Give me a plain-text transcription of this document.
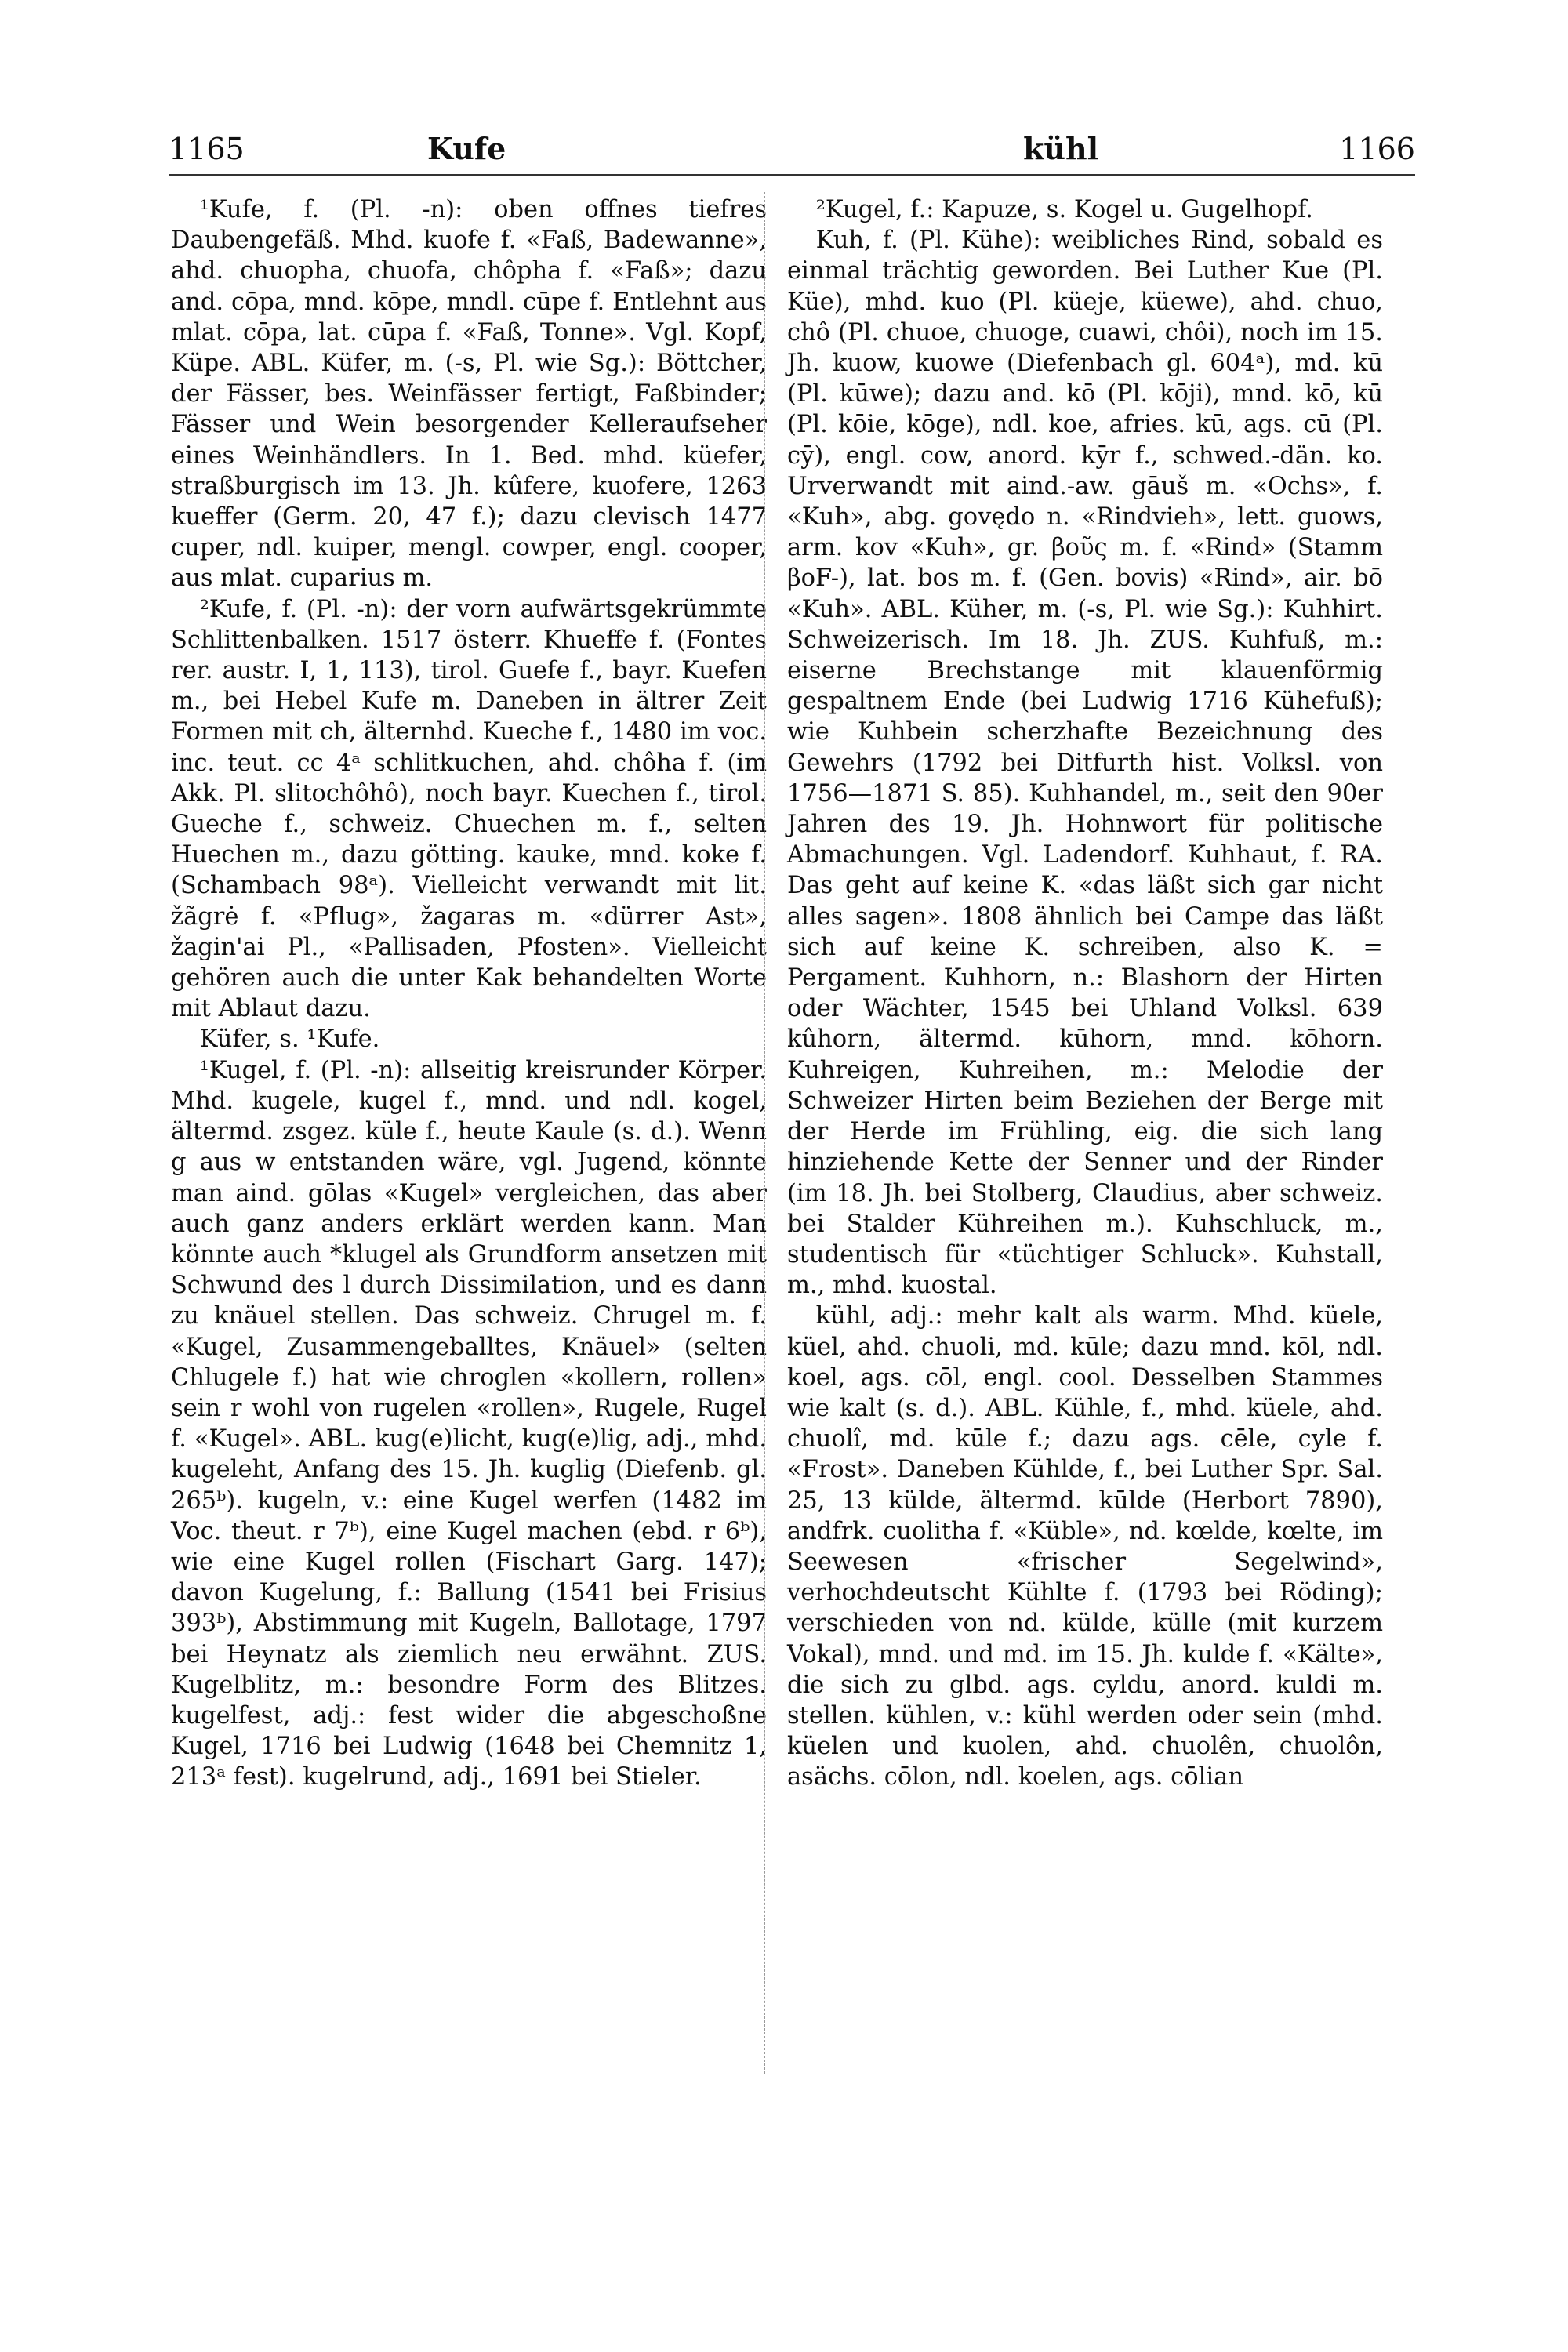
1165	Kufe	kühl	1166

¹Kufe, f. (Pl. -n): oben offnes tiefres Daubengefäß. Mhd. kuofe f. «Faß, Badewanne», ahd. chuopha, chuofa, chôpha f. «Faß»; dazu and. cōpa, mnd. kōpe, mndl. cūpe f. Entlehnt aus mlat. cōpa, lat. cūpa f. «Faß, Tonne». Vgl. Kopf, Küpe. ABL. Küfer, m. (-s, Pl. wie Sg.): Böttcher, der Fässer, bes. Weinfässer fertigt, Faßbinder; Fässer und Wein besorgender Kelleraufseher eines Weinhändlers. In 1. Bed. mhd. küefer, straßburgisch im 13. Jh. kûfere, kuofere, 1263 kueffer (Germ. 20, 47 f.); dazu clevisch 1477 cuper, ndl. kuiper, mengl. cowper, engl. cooper, aus mlat. cuparius m.

²Kufe, f. (Pl. -n): der vorn aufwärtsgekrümmte Schlittenbalken. 1517 österr. Khueffe f. (Fontes rer. austr. I, 1, 113), tirol. Guefe f., bayr. Kuefen m., bei Hebel Kufe m. Daneben in ältrer Zeit Formen mit ch, älternhd. Kueche f., 1480 im voc. inc. teut. cc 4ᵃ schlitkuchen, ahd. chôha f. (im Akk. Pl. slitochôhô), noch bayr. Kuechen f., tirol. Gueche f., schweiz. Chuechen m. f., selten Huechen m., dazu götting. kauke, mnd. koke f. (Schambach 98ᵃ). Vielleicht verwandt mit lit. žãgrė f. «Pflug», žagaras m. «dürrer Ast», žagin'ai Pl., «Pallisaden, Pfosten». Vielleicht gehören auch die unter Kak behandelten Worte mit Ablaut dazu.

Küfer, s. ¹Kufe.

¹Kugel, f. (Pl. -n): allseitig kreisrunder Körper. Mhd. kugele, kugel f., mnd. und ndl. kogel, ältermd. zsgez. küle f., heute Kaule (s. d.). Wenn g aus w entstanden wäre, vgl. Jugend, könnte man aind. gōlas «Kugel» vergleichen, das aber auch ganz anders erklärt werden kann. Man könnte auch *klugel als Grundform ansetzen mit Schwund des l durch Dissimilation, und es dann zu knäuel stellen. Das schweiz. Chrugel m. f. «Kugel, Zusammengeballtes, Knäuel» (selten Chlugele f.) hat wie chroglen «kollern, rollen» sein r wohl von rugelen «rollen», Rugele, Rugel f. «Kugel». ABL. kug(e)licht, kug(e)lig, adj., mhd. kugeleht, Anfang des 15. Jh. kuglig (Diefenb. gl. 265ᵇ). kugeln, v.: eine Kugel werfen (1482 im Voc. theut. r 7ᵇ), eine Kugel machen (ebd. r 6ᵇ), wie eine Kugel rollen (Fischart Garg. 147); davon Kugelung, f.: Ballung (1541 bei Frisius 393ᵇ), Abstimmung mit Kugeln, Ballotage, 1797 bei Heynatz als ziemlich neu erwähnt. ZUS. Kugelblitz, m.: besondre Form des Blitzes. kugelfest, adj.: fest wider die abgeschoßne Kugel, 1716 bei Ludwig (1648 bei Chemnitz 1, 213ᵃ fest). kugelrund, adj., 1691 bei Stieler.

²Kugel, f.: Kapuze, s. Kogel u. Gugelhopf.

Kuh, f. (Pl. Kühe): weibliches Rind, sobald es einmal trächtig geworden. Bei Luther Kue (Pl. Küe), mhd. kuo (Pl. küeje, küewe), ahd. chuo, chô (Pl. chuoe, chuoge, cuawi, chôi), noch im 15. Jh. kuow, kuowe (Diefenbach gl. 604ᵃ), md. kū (Pl. kūwe); dazu and. kō (Pl. kōji), mnd. kō, kū (Pl. kōie, kōge), ndl. koe, afries. kū, ags. cū (Pl. cȳ), engl. cow, anord. kȳr f., schwed.-dän. ko. Urverwandt mit aind.-aw. gāuš m. «Ochs», f. «Kuh», abg. govędo n. «Rindvieh», lett. guows, arm. kov «Kuh», gr. βοῦς m. f. «Rind» (Stamm βoF-), lat. bos m. f. (Gen. bovis) «Rind», air. bō «Kuh». ABL. Küher, m. (-s, Pl. wie Sg.): Kuhhirt. Schweizerisch. Im 18. Jh. ZUS. Kuhfuß, m.: eiserne Brechstange mit klauenförmig gespaltnem Ende (bei Ludwig 1716 Kühefuß); wie Kuhbein scherzhafte Bezeichnung des Gewehrs (1792 bei Ditfurth hist. Volksl. von 1756—1871 S. 85). Kuhhandel, m., seit den 90er Jahren des 19. Jh. Hohnwort für politische Abmachungen. Vgl. Ladendorf. Kuhhaut, f. RA. Das geht auf keine K. «das läßt sich gar nicht alles sagen». 1808 ähnlich bei Campe das läßt sich auf keine K. schreiben, also K. = Pergament. Kuhhorn, n.: Blashorn der Hirten oder Wächter, 1545 bei Uhland Volksl. 639 kûhorn, ältermd. kūhorn, mnd. kōhorn. Kuhreigen, Kuhreihen, m.: Melodie der Schweizer Hirten beim Beziehen der Berge mit der Herde im Frühling, eig. die sich lang hinziehende Kette der Senner und der Rinder (im 18. Jh. bei Stolberg, Claudius, aber schweiz. bei Stalder Kühreihen m.). Kuhschluck, m., studentisch für «tüchtiger Schluck». Kuhstall, m., mhd. kuostal.

kühl, adj.: mehr kalt als warm. Mhd. küele, küel, ahd. chuoli, md. kūle; dazu mnd. kōl, ndl. koel, ags. cōl, engl. cool. Desselben Stammes wie kalt (s. d.). ABL. Kühle, f., mhd. küele, ahd. chuolî, md. kūle f.; dazu ags. cēle, cyle f. «Frost». Daneben Kühlde, f., bei Luther Spr. Sal. 25, 13 külde, ältermd. kūlde (Herbort 7890), andfrk. cuolitha f. «Küble», nd. kœlde, kœlte, im Seewesen «frischer Segelwind», verhochdeutscht Kühlte f. (1793 bei Röding); verschieden von nd. külde, külle (mit kurzem Vokal), mnd. und md. im 15. Jh. kulde f. «Kälte», die sich zu glbd. ags. cyldu, anord. kuldi m. stellen. kühlen, v.: kühl werden oder sein (mhd. küelen und kuolen, ahd. chuolên, chuolôn, asächs. cōlon, ndl. koelen, ags. cōlian
